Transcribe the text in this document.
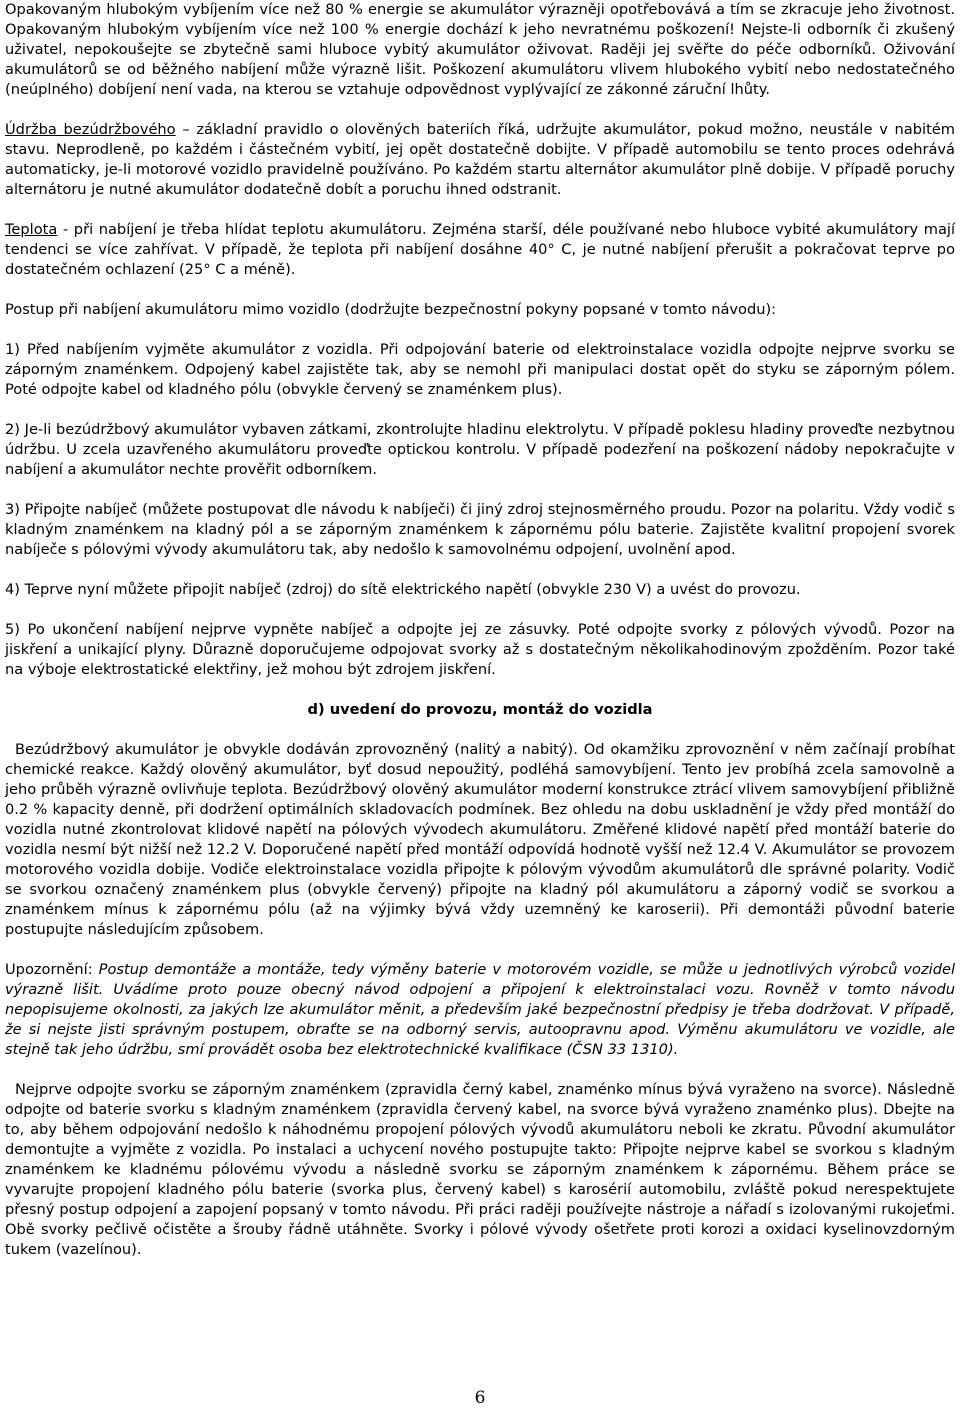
Opakovaným hlubokým vybíjením více než 80 % energie se akumulátor výrazněji opotřebovává a tím se zkracuje jeho životnost. Opakovaným hlubokým vybíjením více než 100 % energie dochází k jeho nevratnému poškození! Nejste-li odborník či zkušený uživatel, nepokoušejte se zbytečně sami hluboce vybitý akumulátor oživovat. Raději jej svěřte do péče odborníků. Oživování akumulátorů se od běžného nabíjení může výrazně lišit. Poškození akumulátoru vlivem hlubokého vybití nebo nedostatečného (neúplného) dobíjení není vada, na kterou se vztahuje odpovědnost vyplývající ze zákonné záruční lhůty.

Údržba bezúdržbového – základní pravidlo o olověných bateriích říká, udržujte akumulátor, pokud možno, neustále v nabitém stavu. Neprodleně, po každém i částečném vybití, jej opět dostatečně dobijte. V případě automobilu se tento proces odehrává automaticky, je-li motorové vozidlo pravidelně používáno. Po každém startu alternátor akumulátor plně dobije. V případě poruchy alternátoru je nutné akumulátor dodatečně dobít a poruchu ihned odstranit.

Teplota - při nabíjení je třeba hlídat teplotu akumulátoru. Zejména starší, déle používané nebo hluboce vybité akumulátory mají tendenci se více zahřívat. V případě, že teplota při nabíjení dosáhne 40° C, je nutné nabíjení přerušit a pokračovat teprve po dostatečném ochlazení (25° C a méně).

Postup při nabíjení akumulátoru mimo vozidlo (dodržujte bezpečnostní pokyny popsané v tomto návodu):

1) Před nabíjením vyjměte akumulátor z vozidla. Při odpojování baterie od elektroinstalace vozidla odpojte nejprve svorku se záporným znaménkem. Odpojený kabel zajistěte tak, aby se nemohl při manipulaci dostat opět do styku se záporným pólem. Poté odpojte kabel od kladného pólu (obvykle červený se znaménkem plus).

2) Je-li bezúdržbový akumulátor vybaven zátkami, zkontrolujte hladinu elektrolytu. V případě poklesu hladiny proveďte nezbytnou údržbu. U zcela uzavřeného akumulátoru proveďte optickou kontrolu. V případě podezření na poškození nádoby nepokračujte v nabíjení a akumulátor nechte prověřit odborníkem.

3) Připojte nabíječ (můžete postupovat dle návodu k nabíječi) či jiný zdroj stejnosměrného proudu. Pozor na polaritu. Vždy vodič s kladným znaménkem na kladný pól a se záporným znaménkem k zápornému pólu baterie. Zajistěte kvalitní propojení svorek nabíječe s pólovými vývody akumulátoru tak, aby nedošlo k samovolnému odpojení, uvolnění apod.

4) Teprve nyní můžete připojit nabíječ (zdroj) do sítě elektrického napětí (obvykle 230 V) a uvést do provozu.

5) Po ukončení nabíjení nejprve vypněte nabíječ a odpojte jej ze zásuvky. Poté odpojte svorky z pólových vývodů. Pozor na jiskření a unikající plyny. Důrazně doporučujeme odpojovat svorky až s dostatečným několikahodinovým zpožděním. Pozor také na výboje elektrostatické elektřiny, jež mohou být zdrojem jiskření.

d) uvedení do provozu, montáž do vozidla

Bezúdržbový akumulátor je obvykle dodáván zprovozněný (nalitý a nabitý). Od okamžiku zprovoznění v něm začínají probíhat chemické reakce. Každý olověný akumulátor, byť dosud nepoužitý, podléhá samovybíjení. Tento jev probíhá zcela samovolně a jeho průběh výrazně ovlivňuje teplota. Bezúdržbový olověný akumulátor moderní konstrukce ztrácí vlivem samovybíjení přibližně 0.2 % kapacity denně, při dodržení optimálních skladovacích podmínek. Bez ohledu na dobu uskladnění je vždy před montáží do vozidla nutné zkontrolovat klidové napětí na pólových vývodech akumulátoru. Změřené klidové napětí před montáží baterie do vozidla nesmí být nižší než 12.2 V. Doporučené napětí před montáží odpovídá hodnotě vyšší než 12.4 V. Akumulátor se provozem motorového vozidla dobije. Vodiče elektroinstalace vozidla připojte k pólovým vývodům akumulátorů dle správné polarity. Vodič se svorkou označený znaménkem plus (obvykle červený) připojte na kladný pól akumulátoru a záporný vodič se svorkou a znaménkem mínus k zápornému pólu (až na výjimky bývá vždy uzemněný ke karoserii). Při demontáži původní baterie postupujte následujícím způsobem.

Upozornění: Postup demontáže a montáže, tedy výměny baterie v motorovém vozidle, se může u jednotlivých výrobců vozidel výrazně lišit. Uvádíme proto pouze obecný návod odpojení a připojení k elektroinstalaci vozu. Rovněž v tomto návodu nepopisujeme okolnosti, za jakých lze akumulátor měnit, a především jaké bezpečnostní předpisy je třeba dodržovat. V případě, že si nejste jisti správným postupem, obraťte se na odborný servis, autoopravnu apod. Výměnu akumulátoru ve vozidle, ale stejně tak jeho údržbu, smí provádět osoba bez elektrotechnické kvalifikace (ČSN 33 1310).

Nejprve odpojte svorku se záporným znaménkem (zpravidla černý kabel, znaménko mínus bývá vyraženo na svorce). Následně odpojte od baterie svorku s kladným znaménkem (zpravidla červený kabel, na svorce bývá vyraženo znaménko plus). Dbejte na to, aby během odpojování nedošlo k náhodnému propojení pólových vývodů akumulátoru neboli ke zkratu. Původní akumulátor demontujte a vyjměte z vozidla. Po instalaci a uchycení nového postupujte takto: Připojte nejprve kabel se svorkou s kladným znaménkem ke kladnému pólovému vývodu a následně svorku se záporným znaménkem k zápornému. Během práce se vyvarujte propojení kladného pólu baterie (svorka plus, červený kabel) s karosérií automobilu, zvláště pokud nerespektujete přesný postup odpojení a zapojení popsaný v tomto návodu. Při práci raději používejte nástroje a nářadí s izolovanými rukojeťmi. Obě svorky pečlivě očistěte a šrouby řádně utáhněte. Svorky i pólové vývody ošetřete proti korozi a oxidaci kyselinovzdorným tukem (vazelínou).

6
